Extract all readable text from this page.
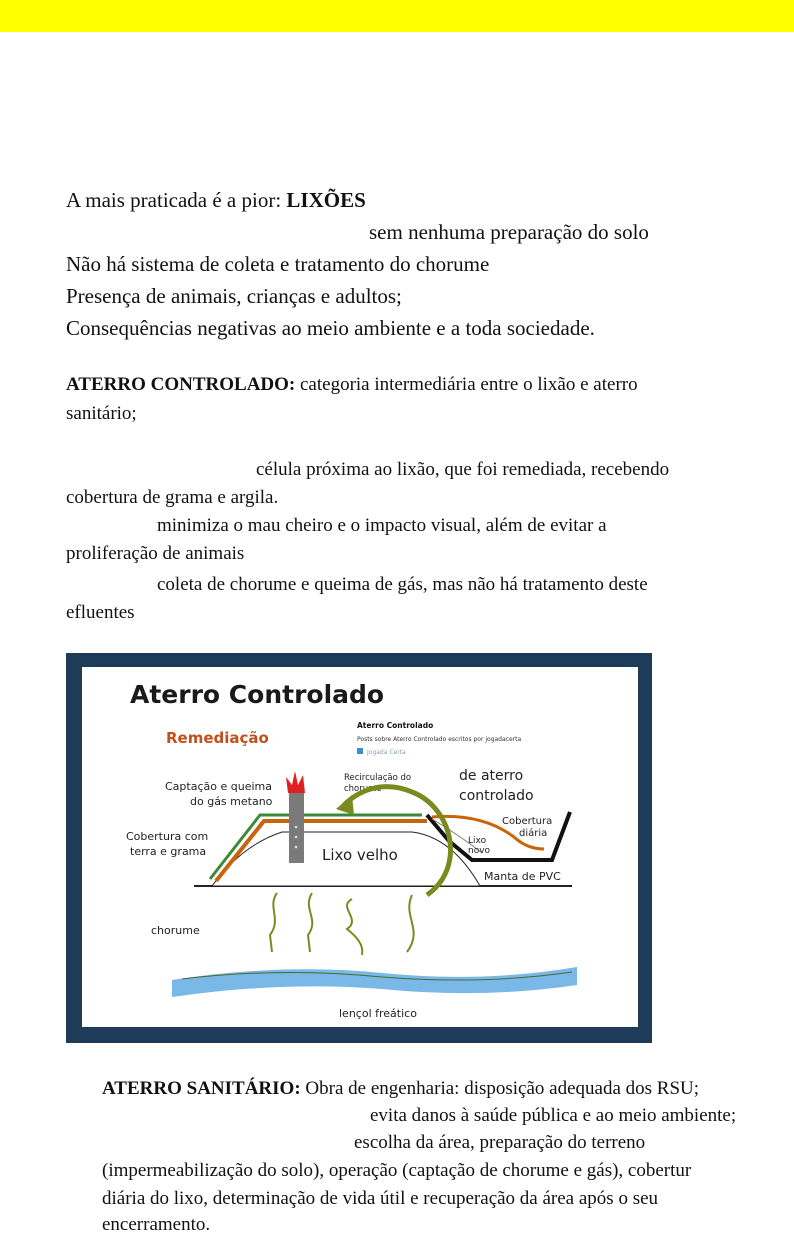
A mais praticada é a pior: LIXÕES
sem nenhuma preparação do solo
Não há sistema de coleta e tratamento do chorume
Presença de animais, crianças e adultos;
Consequências negativas ao meio ambiente e a toda sociedade.
ATERRO CONTROLADO: categoria intermediária entre o lixão e aterro
sanitário;
célula próxima ao lixão, que foi remediada, recebendo
cobertura de grama e argila.
minimiza o mau cheiro e o impacto visual, além de evitar a
proliferação de animais
coleta de chorume e queima de gás, mas não há tratamento deste
efluentes
Aterro Controlado
Remediação
Aterro Controlado
Posts sobre Aterro Controlado escritos por jogadacerta
Jogada Certa
de aterro
controlado
Captação e queima
do gás metano
Recirculação do
chorume
Cobertura
diária
Lixo
novo
Manta de PVC
Cobertura com
terra e grama	Lixo velho
chorume
lençol freático
ATERRO SANITÁRIO: Obra de engenharia: disposição adequada dos RSU;
evita danos à saúde pública e ao meio ambiente;
escolha da área, preparação do terreno
(impermeabilização do solo), operação (captação de chorume e gás), cobertur
diária do lixo, determinação de vida útil e recuperação da área após o seu
encerramento.
